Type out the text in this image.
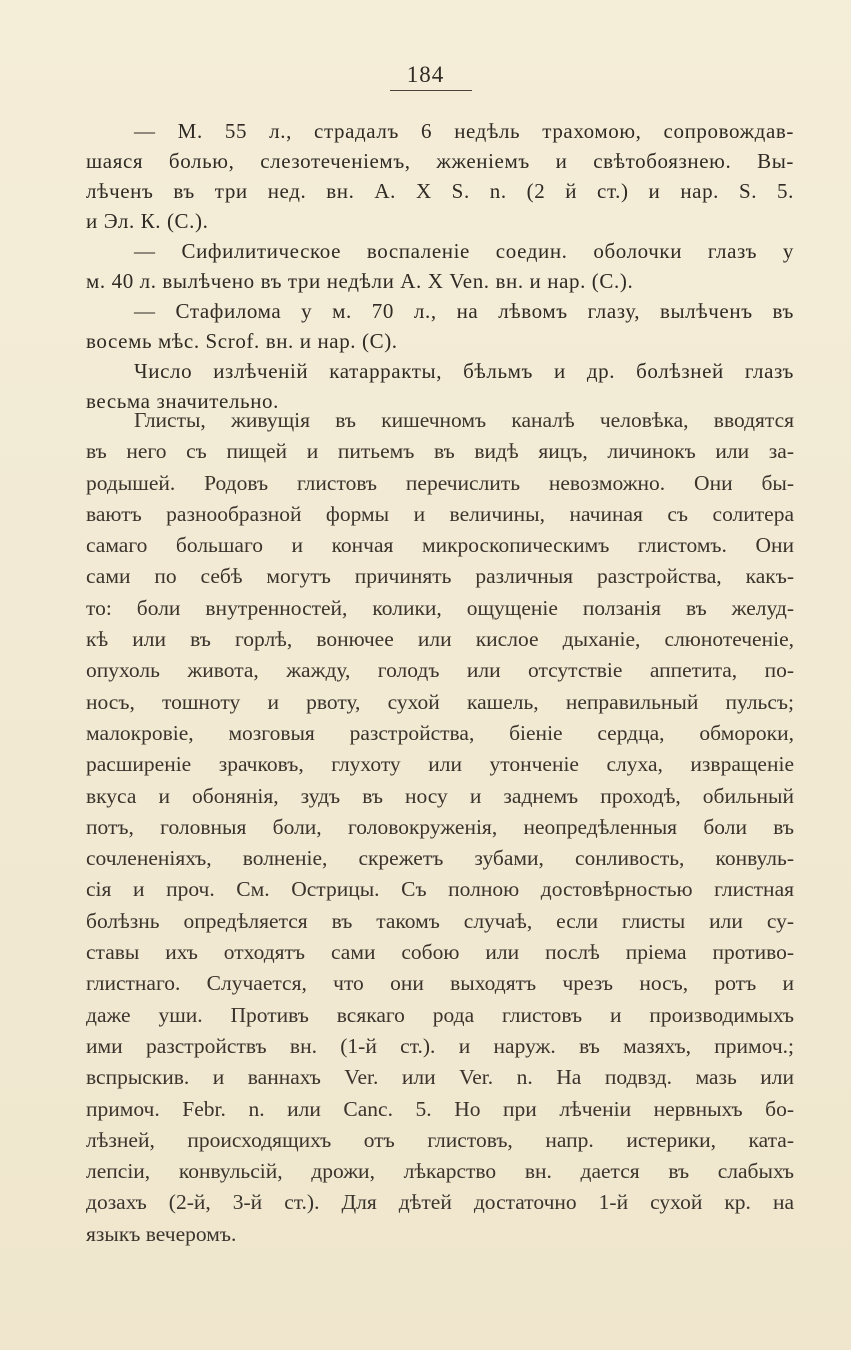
184
— М. 55 л., страдалъ 6 недѣль трахомою, сопровождав-
шаяся болью, слезотеченіемъ, жженіемъ и свѣтобоязнею. Вы-
лѣченъ въ три нед. вн. А. Х S. n. (2 й ст.) и нар. S. 5.
и Эл. К. (С.).
— Сифилитическое воспаленіе соедин. оболочки глазъ у
м. 40 л. вылѣчено въ три недѣли А. Х Ven. вн. и нар. (С.).
— Стафилома у м. 70 л., на лѣвомъ глазу, вылѣченъ въ
восемь мѣс. Scrof. вн. и нар. (С).
Число излѣченій катарракты, бѣльмъ и др. болѣзней глазъ
весьма значительно.
Глисты, живущія въ кишечномъ каналѣ человѣка, вводятся
въ него съ пищей и питьемъ въ видѣ яицъ, личинокъ или за-
родышей. Родовъ глистовъ перечислить невозможно. Они бы-
ваютъ разнообразной формы и величины, начиная съ солитера
самаго большаго и кончая микроскопическимъ глистомъ. Они
сами по себѣ могутъ причинять различныя разстройства, какъ-
то: боли внутренностей, колики, ощущеніе ползанія въ желуд-
кѣ или въ горлѣ, вонючее или кислое дыханіе, слюнотеченіе,
опухоль живота, жажду, голодъ или отсутствіе аппетита, по-
носъ, тошноту и рвоту, сухой кашель, неправильный пульсъ;
малокровіе, мозговыя разстройства, біеніе сердца, обмороки,
расширеніе зрачковъ, глухоту или утонченіе слуха, извращеніе
вкуса и обонянія, зудъ въ носу и заднемъ проходѣ, обильный
потъ, головныя боли, головокруженія, неопредѣленныя боли въ
сочлененіяхъ, волненіе, скрежетъ зубами, сонливость, конвуль-
сія и проч. См. Острицы. Съ полною достовѣрностью глистная
болѣзнь опредѣляется въ такомъ случаѣ, если глисты или су-
ставы ихъ отходятъ сами собою или послѣ пріема противо-
глистнаго. Случается, что они выходятъ чрезъ носъ, ротъ и
даже уши. Противъ всякаго рода глистовъ и производимыхъ
ими разстройствъ вн. (1-й ст.). и наруж. въ мазяхъ, примоч.;
вспрыскив. и ваннахъ Ver. или Ver. n. На подвзд. мазь или
примоч. Febr. n. или Canc. 5. Но при лѣченіи нервныхъ бо-
лѣзней, происходящихъ отъ глистовъ, напр. истерики, ката-
лепсіи, конвульсій, дрожи, лѣкарство вн. дается въ слабыхъ
дозахъ (2-й, 3-й ст.). Для дѣтей достаточно 1-й сухой кр. на
языкъ вечеромъ.
